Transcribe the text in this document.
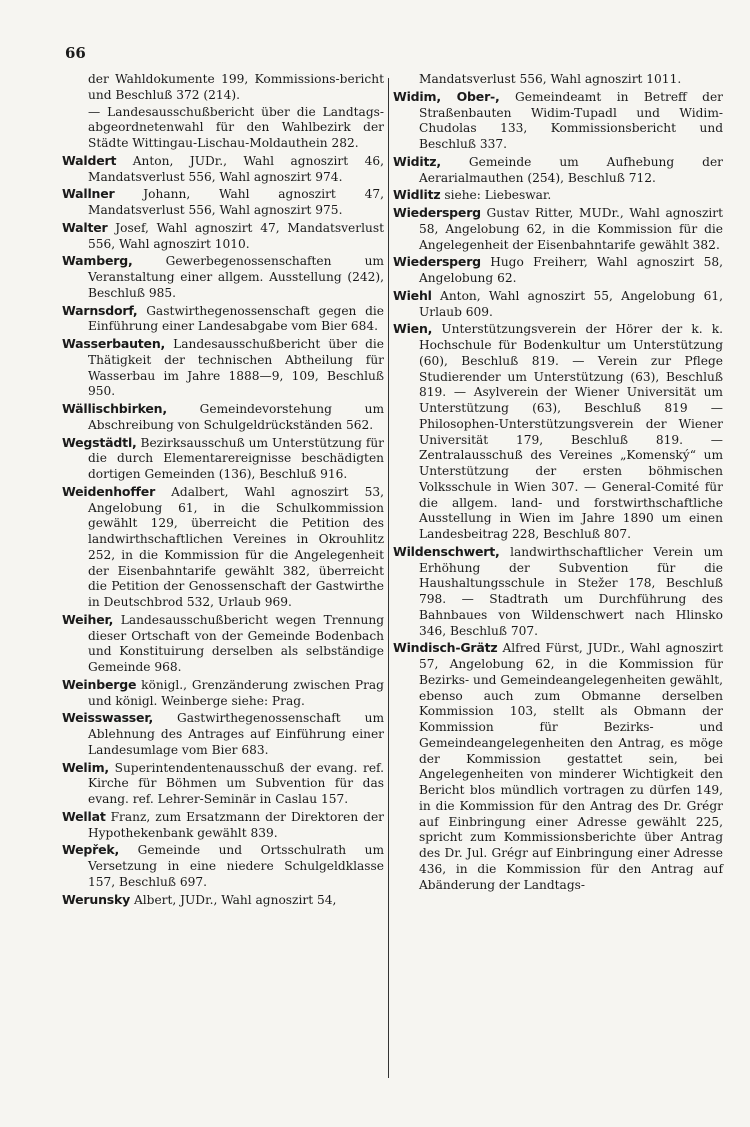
66

der Wahldokumente 199, Kommissions-bericht und Beschluß 372 (214).

— Landesausschußbericht über die Landtags-abgeordnetenwahl für den Wahlbezirk der Städte Wittingau-Lischau-Moldauthein 282.

Waldert Anton, JUDr., Wahl agnoszirt 46, Mandatsverlust 556, Wahl agnoszirt 974.

Wallner Johann, Wahl agnoszirt 47, Mandatsverlust 556, Wahl agnoszirt 975.

Walter Josef, Wahl agnoszirt 47, Mandatsverlust 556, Wahl agnoszirt 1010.

Wamberg,	Gewerbegenossenschaften um Veranstaltung einer allgem. Ausstellung (242), Beschluß 985.

Warnsdorf, Gastwirthegenossenschaft gegen die Einführung einer Landesabgabe vom Bier 684.

Wasserbauten, Landesausschußbericht über die Thätigkeit der technischen Abtheilung für Wasserbau im Jahre 1888—9, 109, Beschluß 950.

Wällischbirken,	Gemeindevorstehung um Abschreibung von Schulgeldrückständen 562.

Wegstädtl, Bezirksausschuß um Unterstützung für die durch Elementarereignisse beschädigten dortigen Gemeinden (136), Beschluß 916.

Weidenhoffer Adalbert, Wahl agnoszirt 53, Angelobung 61, in die Schulkommission gewählt 129, überreicht die Petition des landwirthschaftlichen Vereines in Okrouhlitz 252, in die Kommission für die Angelegenheit der Eisenbahntarife gewählt 382, überreicht die Petition der Genossenschaft der Gastwirthe in Deutschbrod 532, Urlaub 969.

Weiher, Landesausschußbericht wegen Trennung dieser Ortschaft von der Gemeinde Bodenbach und Konstituirung derselben als selbständige Gemeinde 968.

Weinberge königl., Grenzänderung zwischen Prag und königl. Weinberge siehe: Prag.

Weisswasser, Gastwirthegenossenschaft um Ablehnung des Antrages auf Einführung einer Landesumlage vom Bier 683.

Welim, Superintendentenausschuß der evang. ref. Kirche für Böhmen um Subvention für das evang. ref. Lehrer-Seminär in Caslau 157.

Wellat Franz, zum Ersatzmann der Direktoren der Hypothekenbank gewählt 839.

Wepřek, Gemeinde und Ortsschulrath um Versetzung in eine niedere Schulgeldklasse 157, Beschluß 697.

Werunsky Albert, JUDr., Wahl agnoszirt 54,

Mandatsverlust 556, Wahl agnoszirt 1011.

Widim, Ober-, Gemeindeamt in Betreff der Straßenbauten Widim-Tupadl und Widim-Chudolas 133, Kommissionsbericht und Beschluß 337.

Widitz, Gemeinde um Aufhebung der Aerarialmauthen (254), Beschluß 712.

Widlitz siehe: Liebeswar.

Wiedersperg Gustav Ritter, MUDr., Wahl agnoszirt 58, Angelobung 62, in die Kommission für die Angelegenheit der Eisenbahntarife gewählt 382.

Wiedersperg Hugo Freiherr, Wahl agnoszirt 58, Angelobung 62.

Wiehl Anton, Wahl agnoszirt 55, Angelobung 61, Urlaub 609.

Wien, Unterstützungsverein der Hörer der k. k. Hochschule für Bodenkultur um Unterstützung (60), Beschluß 819. — Verein zur Pflege Studierender um Unterstützung (63), Beschluß 819. — Asylverein der Wiener Universität um Unterstützung (63), Beschluß 819 — Philosophen-Unterstützungsverein der Wiener Universität 179, Beschluß 819. — Zentralausschuß des Vereines „Komenský“ um Unterstützung der ersten böhmischen Volksschule in Wien 307. — General-Comité für die allgem. land- und forstwirthschaftliche Ausstellung in Wien im Jahre 1890 um einen Landesbeitrag 228, Beschluß 807.

Wildenschwert, landwirthschaftlicher Verein um Erhöhung der Subvention für die Haushaltungsschule in Stežer 178, Beschluß 798. — Stadtrath um Durchführung des Bahnbaues von Wildenschwert nach Hlinsko 346, Beschluß 707.

Windisch-Grätz Alfred Fürst, JUDr., Wahl agnoszirt 57, Angelobung 62, in die Kommission für Bezirks- und Gemeindeangelegenheiten gewählt, ebenso auch zum Obmanne derselben Kommission 103, stellt als Obmann der Kommission für Bezirks- und Gemeindeangelegenheiten den Antrag, es möge der Kommission gestattet sein, bei Angelegenheiten von minderer Wichtigkeit den Bericht blos mündlich vortragen zu dürfen 149, in die Kommission für den Antrag des Dr. Grégr auf Einbringung einer Adresse gewählt 225, spricht zum Kommissionsberichte über Antrag des Dr. Jul. Grégr auf Einbringung einer Adresse 436, in die Kommission für den Antrag auf Abänderung der Landtags-
